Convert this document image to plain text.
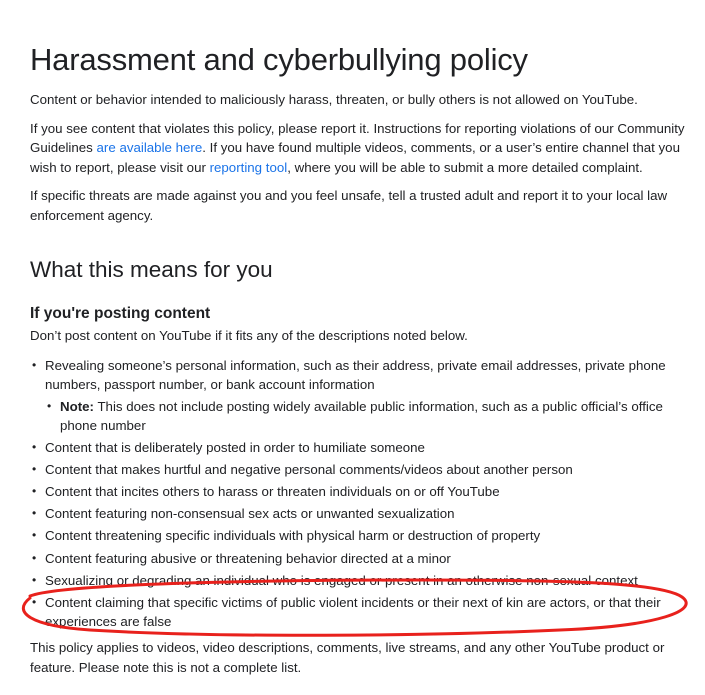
Harassment and cyberbullying policy

Content or behavior intended to maliciously harass, threaten, or bully others is not allowed on YouTube.

If you see content that violates this policy, please report it. Instructions for reporting violations of our Community Guidelines are available here. If you have found multiple videos, comments, or a user’s entire channel that you wish to report, please visit our reporting tool, where you will be able to submit a more detailed complaint.

If specific threats are made against you and you feel unsafe, tell a trusted adult and report it to your local law enforcement agency.

What this means for you
If you're posting content

Don’t post content on YouTube if it fits any of the descriptions noted below.

• Revealing someone’s personal information, such as their address, private email addresses, private phone numbers, passport number, or bank account information
• Note: This does not include posting widely available public information, such as a public official’s office phone number
• Content that is deliberately posted in order to humiliate someone
• Content that makes hurtful and negative personal comments/videos about another person
• Content that incites others to harass or threaten individuals on or off YouTube
• Content featuring non-consensual sex acts or unwanted sexualization
• Content threatening specific individuals with physical harm or destruction of property
• Content featuring abusive or threatening behavior directed at a minor
• Sexualizing or degrading an individual who is engaged or present in an otherwise non-sexual context
• Content claiming that specific victims of public violent incidents or their next of kin are actors, or that their experiences are false

This policy applies to videos, video descriptions, comments, live streams, and any other YouTube product or feature. Please note this is not a complete list.
